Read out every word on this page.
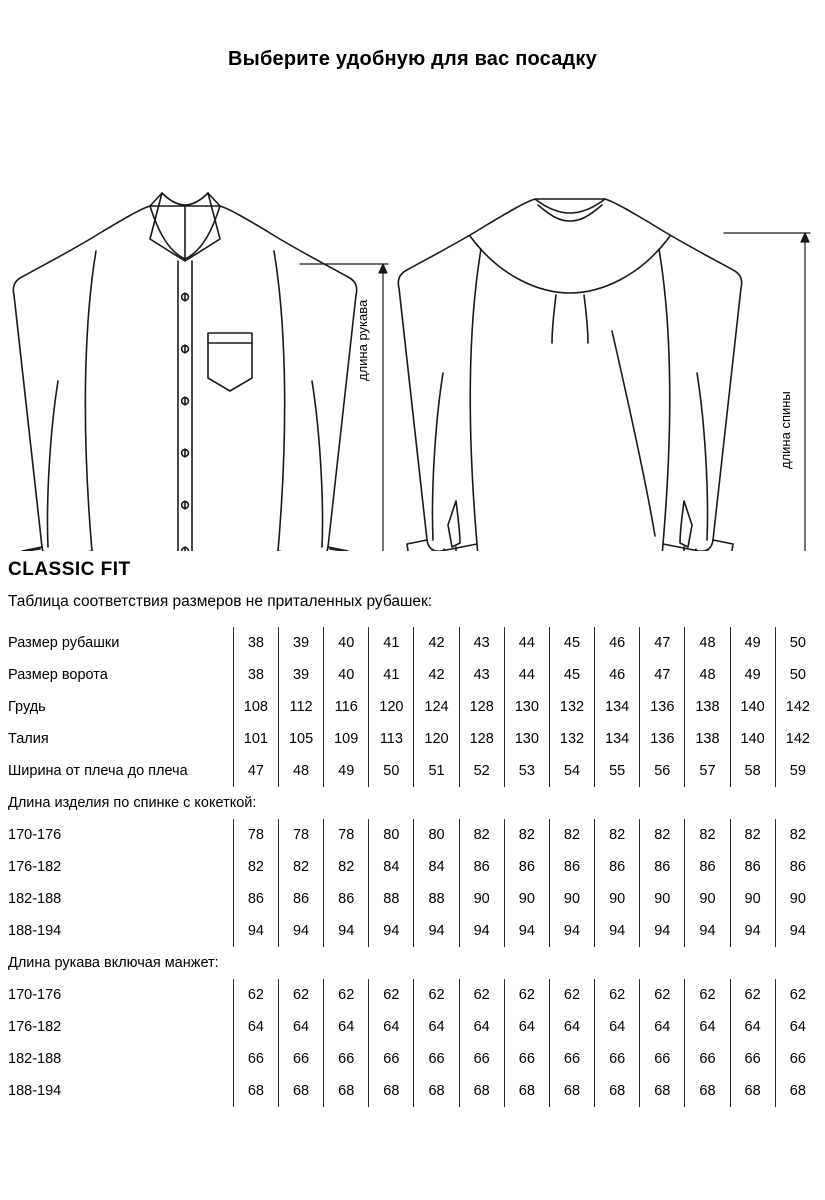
Выберите удобную для вас посадку
длина рукава
длина спины
CLASSIC FIT
Таблица соответствия размеров не приталенных рубашек:
Размер рубашки	38	39	40	41	42	43	44	45	46	47	48	49	50
Размер ворота	38	39	40	41	42	43	44	45	46	47	48	49	50
Грудь	108	112	116	120	124	128	130	132	134	136	138	140	142
Талия	101	105	109	113	120	128	130	132	134	136	138	140	142
Ширина от плеча до плеча	47	48	49	50	51	52	53	54	55	56	57	58	59
Длина изделия по спинке с кокеткой:													
170-176	78	78	78	80	80	82	82	82	82	82	82	82	82
176-182	82	82	82	84	84	86	86	86	86	86	86	86	86
182-188	86	86	86	88	88	90	90	90	90	90	90	90	90
188-194	94	94	94	94	94	94	94	94	94	94	94	94	94
Длина рукава включая манжет:													
170-176	62	62	62	62	62	62	62	62	62	62	62	62	62
176-182	64	64	64	64	64	64	64	64	64	64	64	64	64
182-188	66	66	66	66	66	66	66	66	66	66	66	66	66
188-194	68	68	68	68	68	68	68	68	68	68	68	68	68
